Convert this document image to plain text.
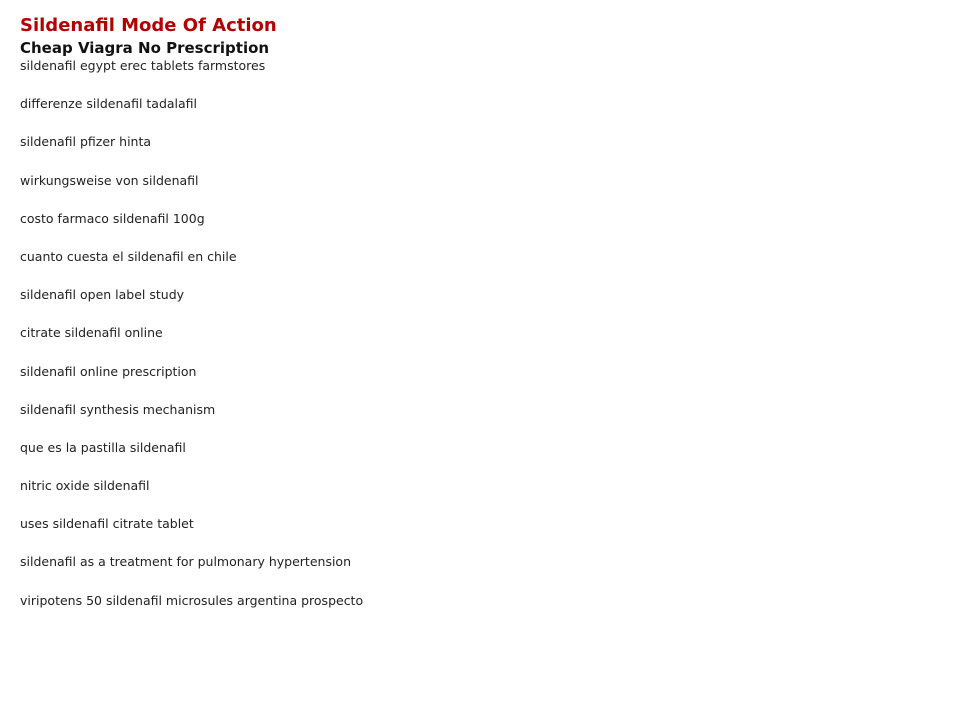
Sildenafil Mode Of Action
Cheap Viagra No Prescription
sildenafil egypt erec tablets farmstores
differenze sildenafil tadalafil
sildenafil pfizer hinta
wirkungsweise von sildenafil
costo farmaco sildenafil 100g
cuanto cuesta el sildenafil en chile
sildenafil open label study
citrate sildenafil online
sildenafil online prescription
sildenafil synthesis mechanism
que es la pastilla sildenafil
nitric oxide sildenafil
uses sildenafil citrate tablet
sildenafil as a treatment for pulmonary hypertension
viripotens 50 sildenafil microsules argentina prospecto
